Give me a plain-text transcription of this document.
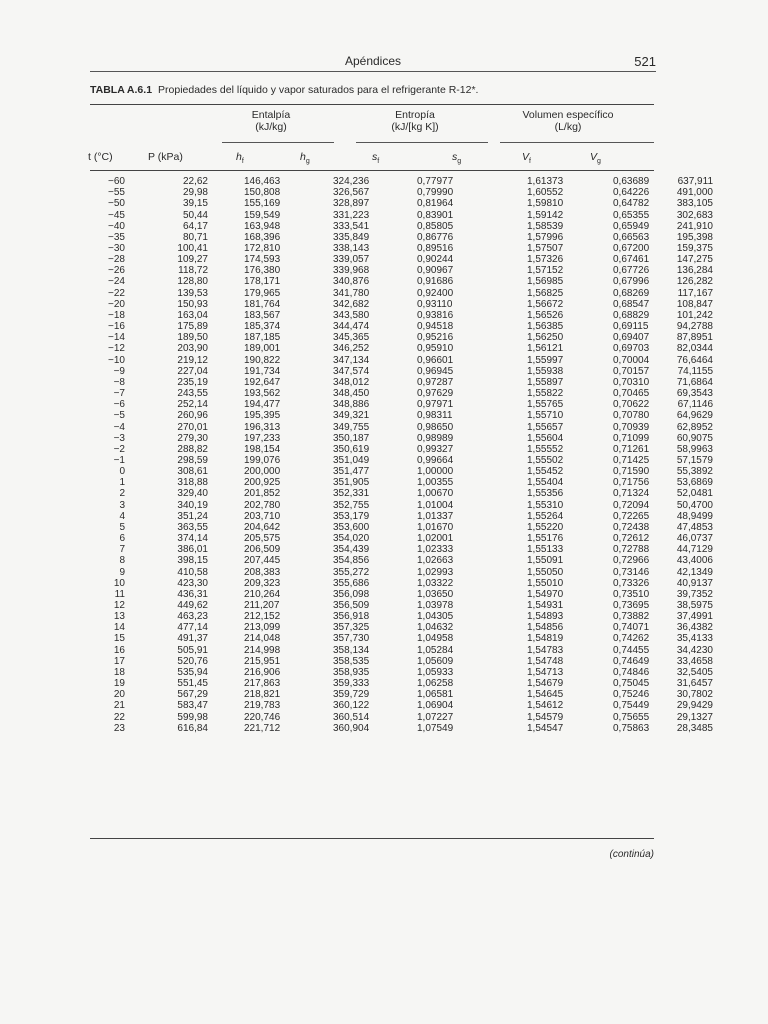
Apéndices	521
TABLA A.6.1 Propiedades del líquido y vapor saturados para el refrigerante R-12*.
Entalpía
(kJ/kg)
Entropía
(kJ/[kg K])
Volumen específico
(L/kg)
t (°C)	P (kPa)	$h_f$	$h_g$	$s_f$	$s_g$	$V_f$	$V_g$
−60	22,62		146,463		324,236		0,77977		1,61373		0,63689	637,911
−55	29,98		150,808		326,567		0,79990		1,60552		0,64226	491,000
−50	39,15		155,169		328,897		0,81964		1,59810		0,64782	383,105
−45	50,44		159,549		331,223		0,83901		1,59142		0,65355	302,683
−40	64,17		163,948		333,541		0,85805		1,58539		0,65949	241,910
−35	80,71		168,396		335,849		0,86776		1,57996		0,66563	195,398
−30	100,41		172,810		338,143		0,89516		1,57507		0,67200	159,375
−28	109,27		174,593		339,057		0,90244		1,57326		0,67461	147,275
−26	118,72		176,380		339,968		0,90967		1,57152		0,67726	136,284
−24	128,80		178,171		340,876		0,91686		1,56985		0,67996	126,282
−22	139,53		179,965		341,780		0,92400		1,56825		0,68269	117,167
−20	150,93		181,764		342,682		0,93110		1,56672		0,68547	108,847
−18	163,04		183,567		343,580		0,93816		1,56526		0,68829	101,242
−16	175,89		185,374		344,474		0,94518		1,56385		0,69115	94,2788
−14	189,50		187,185		345,365		0,95216		1,56250		0,69407	87,8951
−12	203,90		189,001		346,252		0,95910		1,56121		0,69703	82,0344
−10	219,12		190,822		347,134		0,96601		1,55997		0,70004	76,6464
−9	227,04		191,734		347,574		0,96945		1,55938		0,70157	74,1155
−8	235,19		192,647		348,012		0,97287		1,55897		0,70310	71,6864
−7	243,55		193,562		348,450		0,97629		1,55822		0,70465	69,3543
−6	252,14		194,477		348,886		0,97971		1,55765		0,70622	67,1146
−5	260,96		195,395		349,321		0,98311		1,55710		0,70780	64,9629
−4	270,01		196,313		349,755		0,98650		1,55657		0,70939	62,8952
−3	279,30		197,233		350,187		0,98989		1,55604		0,71099	60,9075
−2	288,82		198,154		350,619		0,99327		1,55552		0,71261	58,9963
−1	298,59		199,076		351,049		0,99664		1,55502		0,71425	57,1579
0	308,61		200,000		351,477		1,00000		1,55452		0,71590	55,3892
1	318,88		200,925		351,905		1,00355		1,55404		0,71756	53,6869
2	329,40		201,852		352,331		1,00670		1,55356		0,71324	52,0481
3	340,19		202,780		352,755		1,01004		1,55310		0,72094	50,4700
4	351,24		203,710		353,179		1,01337		1,55264		0,72265	48,9499
5	363,55		204,642		353,600		1,01670		1,55220		0,72438	47,4853
6	374,14		205,575		354,020		1,02001		1,55176		0,72612	46,0737
7	386,01		206,509		354,439		1,02333		1,55133		0,72788	44,7129
8	398,15		207,445		354,856		1,02663		1,55091		0,72966	43,4006
9	410,58		208,383		355,272		1,02993		1,55050		0,73146	42,1349
10	423,30		209,323		355,686		1,03322		1,55010		0,73326	40,9137
11	436,31		210,264		356,098		1,03650		1,54970		0,73510	39,7352
12	449,62		211,207		356,509		1,03978		1,54931		0,73695	38,5975
13	463,23		212,152		356,918		1,04305		1,54893		0,73882	37,4991
14	477,14		213,099		357,325		1,04632		1,54856		0,74071	36,4382
15	491,37		214,048		357,730		1,04958		1,54819		0,74262	35,4133
16	505,91		214,998		358,134		1,05284		1,54783		0,74455	34,4230
17	520,76		215,951		358,535		1,05609		1,54748		0,74649	33,4658
18	535,94		216,906		358,935		1,05933		1,54713		0,74846	32,5405
19	551,45		217,863		359,333		1,06258		1,54679		0,75045	31,6457
20	567,29		218,821		359,729		1,06581		1,54645		0,75246	30,7802
21	583,47		219,783		360,122		1,06904		1,54612		0,75449	29,9429
22	599,98		220,746		360,514		1,07227		1,54579		0,75655	29,1327
23	616,84		221,712		360,904		1,07549		1,54547		0,75863	28,3485
(continúa)
